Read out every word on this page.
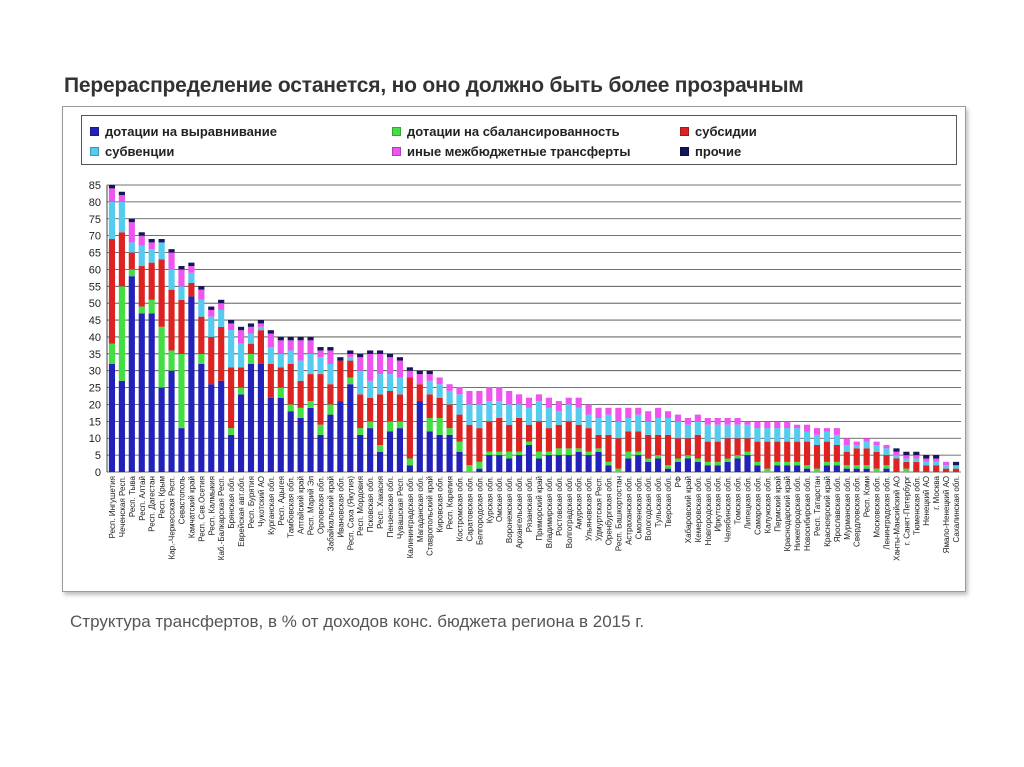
Перераспределение останется, но оно должно быть более прозрачным
дотации на выравнивание	дотации на сбалансированность	субсидии
субвенции	иные межбюджетные трансферты	прочие
0
5
10
15
20
25
30
35
40
45
50
55
60
65
70
75
80
85
Респ. Ингушетия Чеченская Респ. Респ. Тыва Респ. Алтай Респ. Дагестан Респ. Крым Кар.-Черкесская Респ. Севастополь Камчатский край Респ. Сев.Осетия Респ. Калмыкия Каб.-Балкарская Респ. Брянская обл. Еврейская авт.обл. Респ. Бурятия Чукотский АО Курганская обл. Респ. Адыгея Тамбовская обл. Алтайский край Респ. Марий Эл Орловская обл. Забайкальский край Ивановская обл. Респ. Саха (Якутия) Респ. Мордовия Псковская обл. Респ. Хакасия Пензенская обл. Чувашская Респ. Калининградская обл. Магаданская обл. Ставропольский край Кировская обл. Респ. Карелия Костромская обл. Саратовская обл. Белгородская обл. Курская обл. Омская обл. Воронежская обл. Архангельская обл. Рязанская обл. Приморский край Владимирская обл. Ростовская обл. Волгоградская обл. Амурская обл. Ульяновская обл. Удмуртская Респ. Оренбургская обл. Респ. Башкортостан Астраханская обл. Смоленская обл. Вологодская обл. Тульская обл. Тверская обл. РФ Хабаровский край Кемеровская обл. Новгородская обл. Иркутская обл. Челябинская обл. Томская обл. Липецкая обл. Самарская обл. Калужская обл. Пермский край Краснодарский край Нижегородская обл. Новосибирская обл. Респ. Татарстан Красноярский край Ярославская обл. Мурманская обл. Свердловская обл. Респ. Коми Московская обл. Ленинградская обл. Ханты-Мансийский АО г. Санкт-Петербург Тюменская обл. Ненецкий АО г. Москва Ямало-Ненецкий АО Сахалинская обл.
Структура трансфертов, в % от доходов конс. бюджета региона в 2015 г.
